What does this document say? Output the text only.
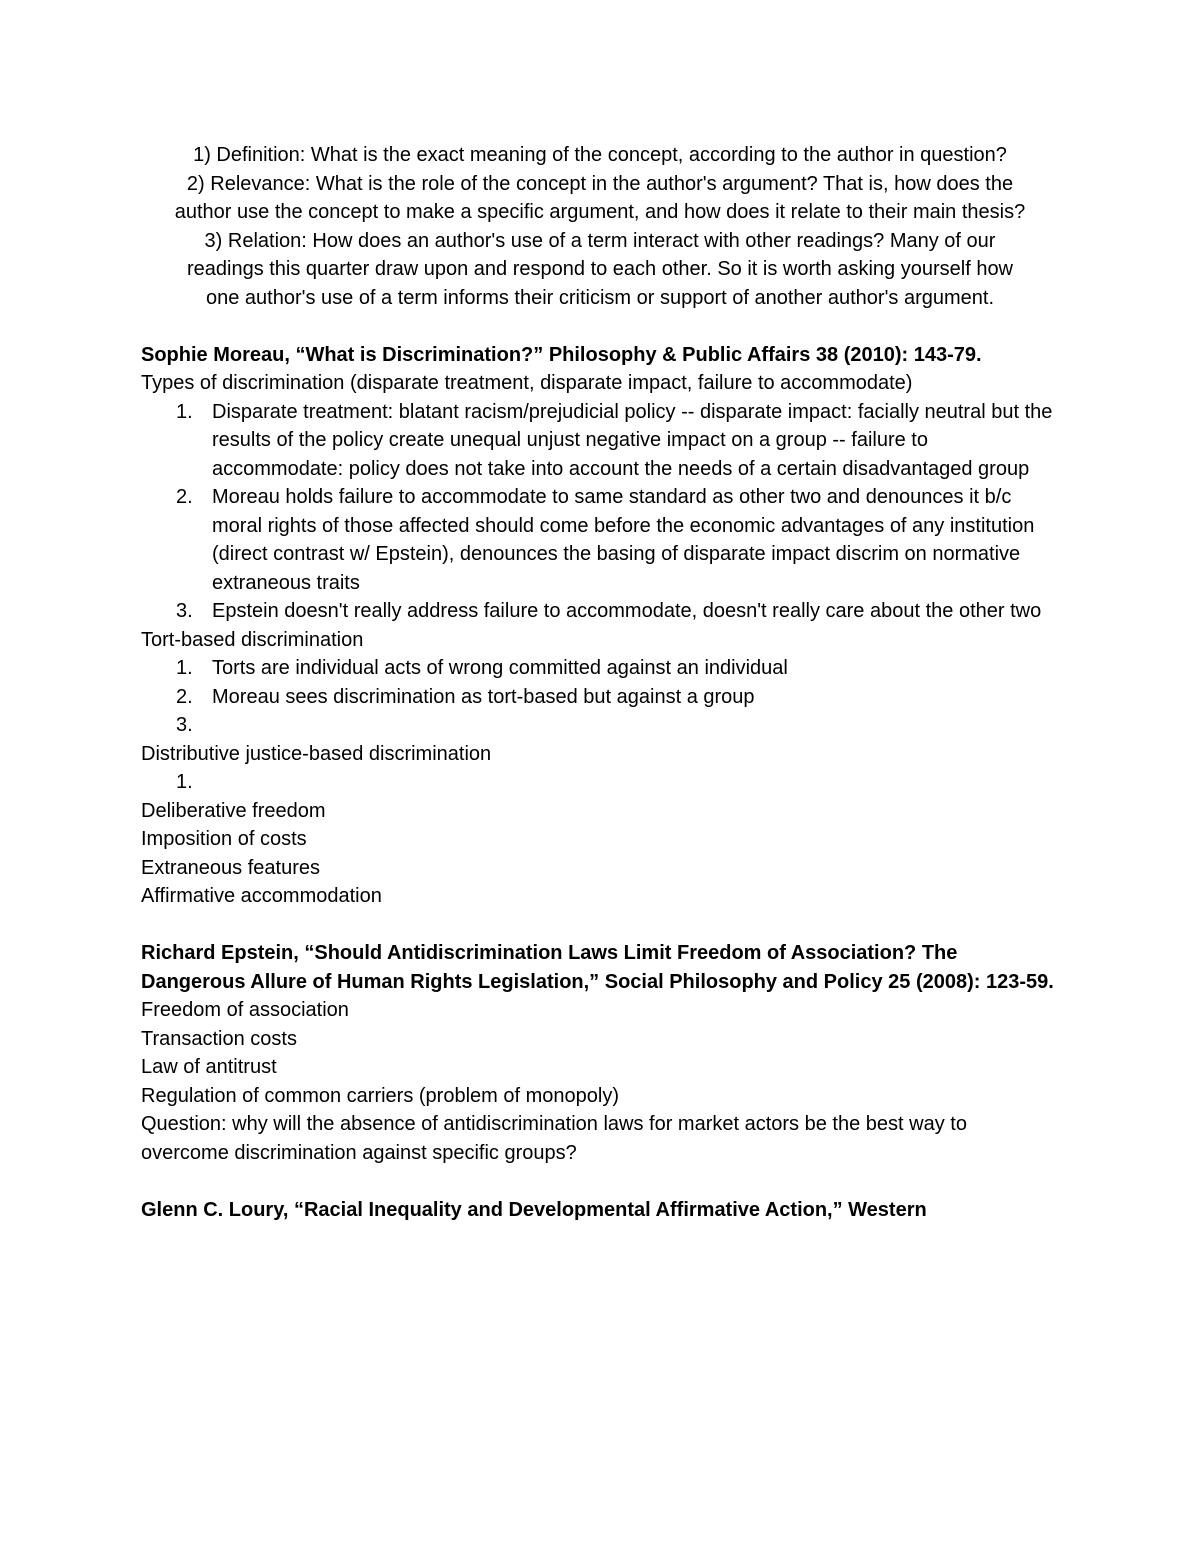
1) Definition: What is the exact meaning of the concept, according to the author in question?

2) Relevance: What is the role of the concept in the author's argument? That is, how does the author use the concept to make a specific argument, and how does it relate to their main thesis?

3) Relation: How does an author's use of a term interact with other readings? Many of our readings this quarter draw upon and respond to each other. So it is worth asking yourself how one author's use of a term informs their criticism or support of another author's argument.

Sophie Moreau, “What is Discrimination?” Philosophy & Public Affairs 38 (2010): 143-79.

Types of discrimination (disparate treatment, disparate impact, failure to accommodate)

1. Disparate treatment: blatant racism/prejudicial policy -- disparate impact: facially neutral but the results of the policy create unequal unjust negative impact on a group -- failure to accommodate: policy does not take into account the needs of a certain disadvantaged group
2. Moreau holds failure to accommodate to same standard as other two and denounces it b/c moral rights of those affected should come before the economic advantages of any institution (direct contrast w/ Epstein), denounces the basing of disparate impact discrim on normative extraneous traits
3. Epstein doesn't really address failure to accommodate, doesn't really care about the other two

Tort-based discrimination

1. Torts are individual acts of wrong committed against an individual
2. Moreau sees discrimination as tort-based but against a group
3.

Distributive justice-based discrimination

1.

Deliberative freedom

Imposition of costs

Extraneous features

Affirmative accommodation

Richard Epstein, “Should Antidiscrimination Laws Limit Freedom of Association? The Dangerous Allure of Human Rights Legislation,” Social Philosophy and Policy 25 (2008): 123-59.

Freedom of association

Transaction costs

Law of antitrust

Regulation of common carriers (problem of monopoly)

Question: why will the absence of antidiscrimination laws for market actors be the best way to overcome discrimination against specific groups?

Glenn C. Loury, “Racial Inequality and Developmental Affirmative Action,” Western
